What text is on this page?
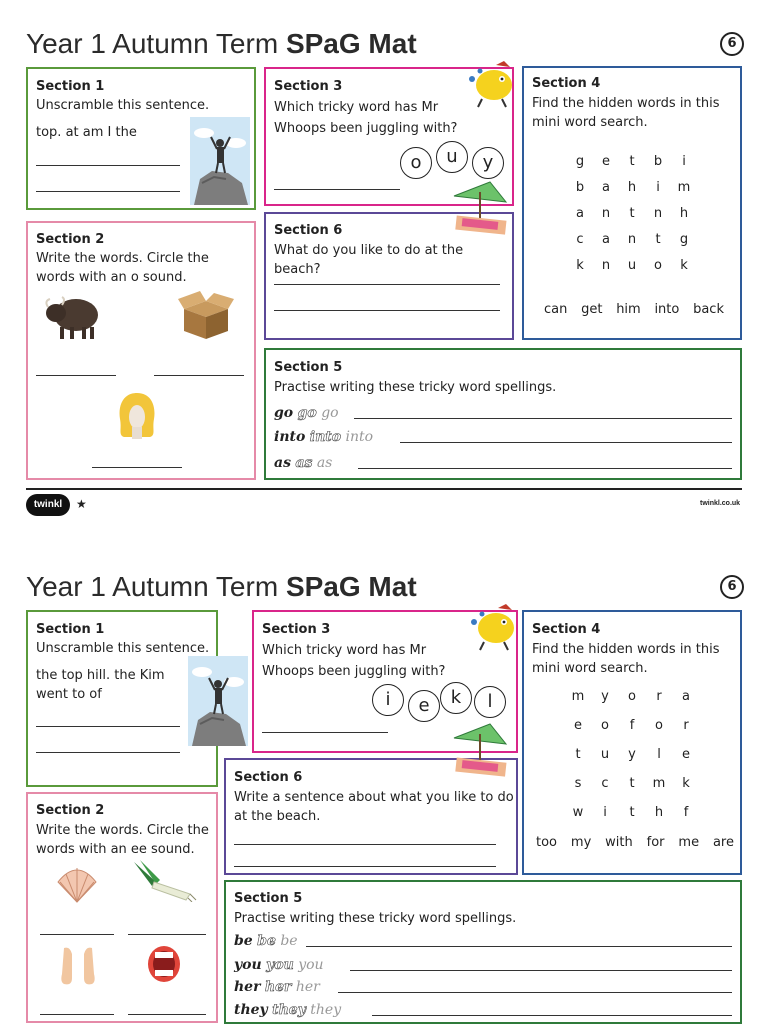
Year 1 Autumn Term SPaG Mat	6
Section 1
Unscramble this sentence.
top. at am I the
Section 3
Which tricky word has Mr Whoops been juggling with?
o	u	y
Section 4
Find the hidden words in this mini word search.
g	e	t	b	i
b	a	h	i	m
a	n	t	n	h
c	a	n	t	g
k	n	u	o	k
can get him into back
Section 2
Write the words. Circle the words with an o sound.
Section 6
What do you like to do at the beach?
Section 5
Practise writing these tricky word spellings.
go go go
into into into
as as as
twinkl	★	twinkl.co.uk
Year 1 Autumn Term SPaG Mat	6
Section 1
Unscramble this sentence.
the top hill. the Kim went to of
Section 3
Which tricky word has Mr Whoops been juggling with?
i	e	k	l
Section 4
Find the hidden words in this mini word search.
m	y	o	r	a
e	o	f	o	r
t	u	y	l	e
s	c	t	m	k
w	i	t	h	f
too my with for me are
Section 2
Write the words. Circle the words with an ee sound.
Section 6
Write a sentence about what you like to do at the beach.
Section 5
Practise writing these tricky word spellings.
be be be
you you you
her her her
they they they
